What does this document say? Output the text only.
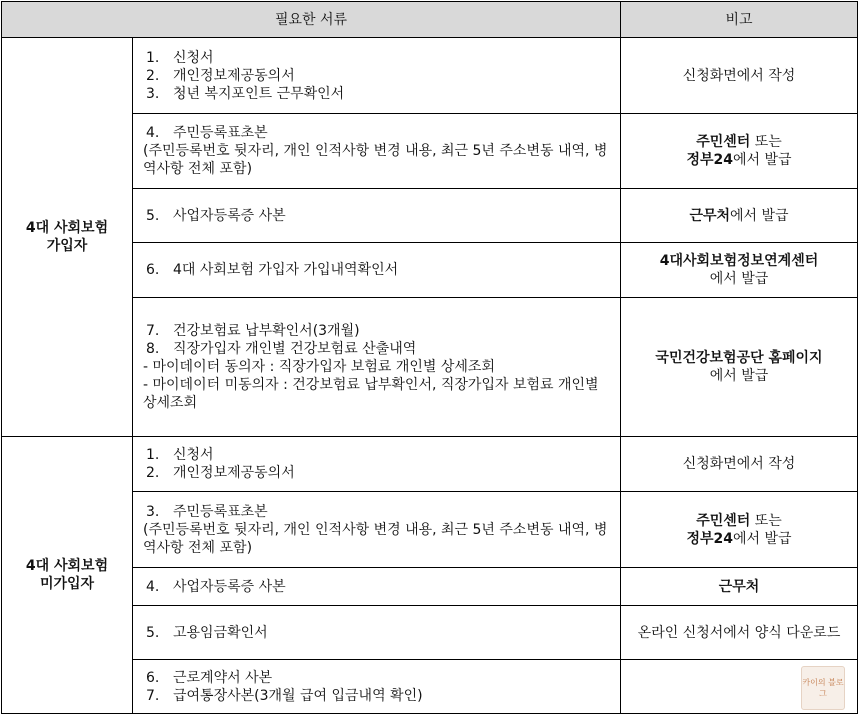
필요한 서류		비고

4대 사회보험
가입자	1. 신청서
2. 개인정보제공동의서
3. 청년 복지포인트 근무확인서	신청화면에서 작성

	4. 주민등록표초본
(주민등록번호 뒷자리, 개인 인적사항 변경 내용, 최근 5년 주소변동 내역, 병역사항 전체 포함)	주민센터 또는
정부24에서 발급

	5. 사업자등록증 사본	근무처에서 발급

	6. 4대 사회보험 가입자 가입내역확인서	4대사회보험정보연계센터
에서 발급

	7. 건강보험료 납부확인서(3개월)
8. 직장가입자 개인별 건강보험료 산출내역
- 마이데이터 동의자 : 직장가입자 보험료 개인별 상세조회
- 마이데이터 미동의자 : 건강보험료 납부확인서, 직장가입자 보험료 개인별 상세조회	국민건강보험공단 홈페이지
에서 발급

4대 사회보험
미가입자	1. 신청서
2. 개인정보제공동의서	신청화면에서 작성

	3. 주민등록표초본
(주민등록번호 뒷자리, 개인 인적사항 변경 내용, 최근 5년 주소변동 내역, 병역사항 전체 포함)	주민센터 또는
정부24에서 발급

	4. 사업자등록증 사본	근무처

	5. 고용임금확인서	온라인 신청서에서 양식 다운로드

	6. 근로계약서 사본
7. 급여통장사본(3개월 급여 입금내역 확인)	

카이의 블로그
